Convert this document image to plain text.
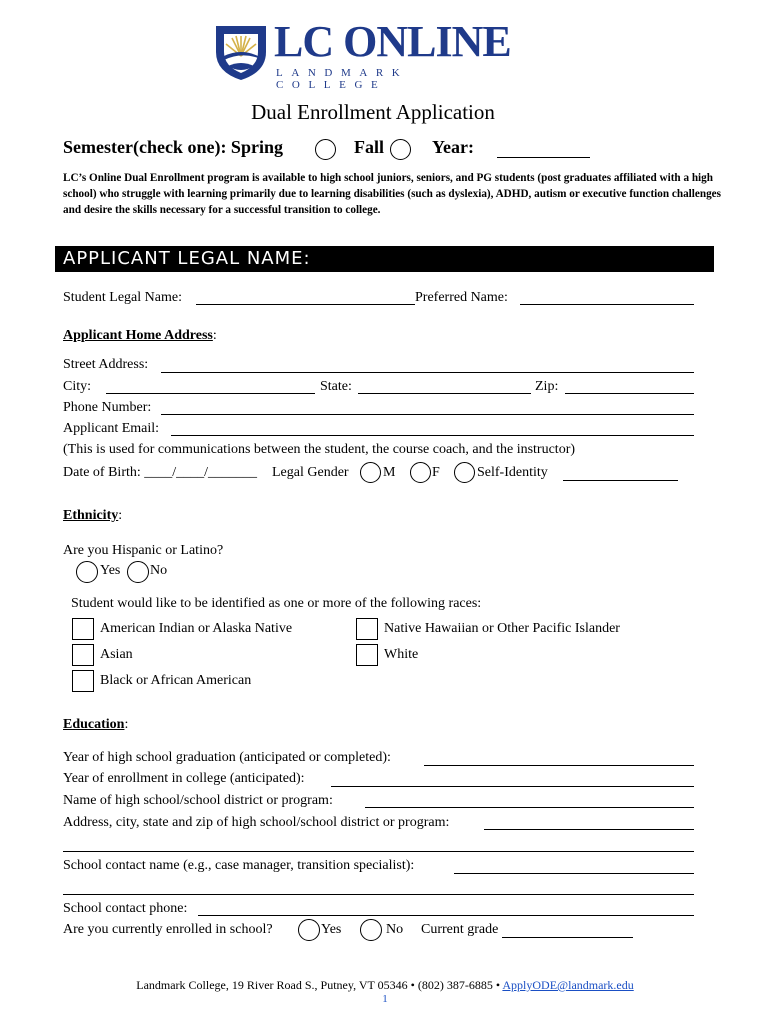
LC ONLINE
LANDMARK COLLEGE
Dual Enrollment Application
Semester(check one): Spring	Fall	Year:
LC’s Online Dual Enrollment program is available to high school juniors, seniors, and PG students (post graduates affiliated with a high school) who struggle with learning primarily due to learning disabilities (such as dyslexia), ADHD, autism or executive function challenges and desire the skills necessary for a successful transition to college.
APPLICANT LEGAL NAME:
Student Legal Name:	Preferred Name:
Applicant Home Address:
Street Address:
City:	State:	Zip:
Phone Number:
Applicant Email:
(This is used for communications between the student, the course coach, and the instructor)
Date of Birth: ____/____/_______ Legal Gender M	F	Self-Identity
Ethnicity:
Are you Hispanic or Latino?
Yes No
Student would like to be identified as one or more of the following races:
American Indian or Alaska Native	Native Hawaiian or Other Pacific Islander
Asian	White
Black or African American
Education:
Year of high school graduation (anticipated or completed):
Year of enrollment in college (anticipated):
Name of high school/school district or program:
Address, city, state and zip of high school/school district or program:
School contact name (e.g., case manager, transition specialist):
School contact phone:
Are you currently enrolled in school?	Yes	No Current grade
Landmark College, 19 River Road S., Putney, VT 05346 • (802) 387-6885 • ApplyODE@landmark.edu
1
